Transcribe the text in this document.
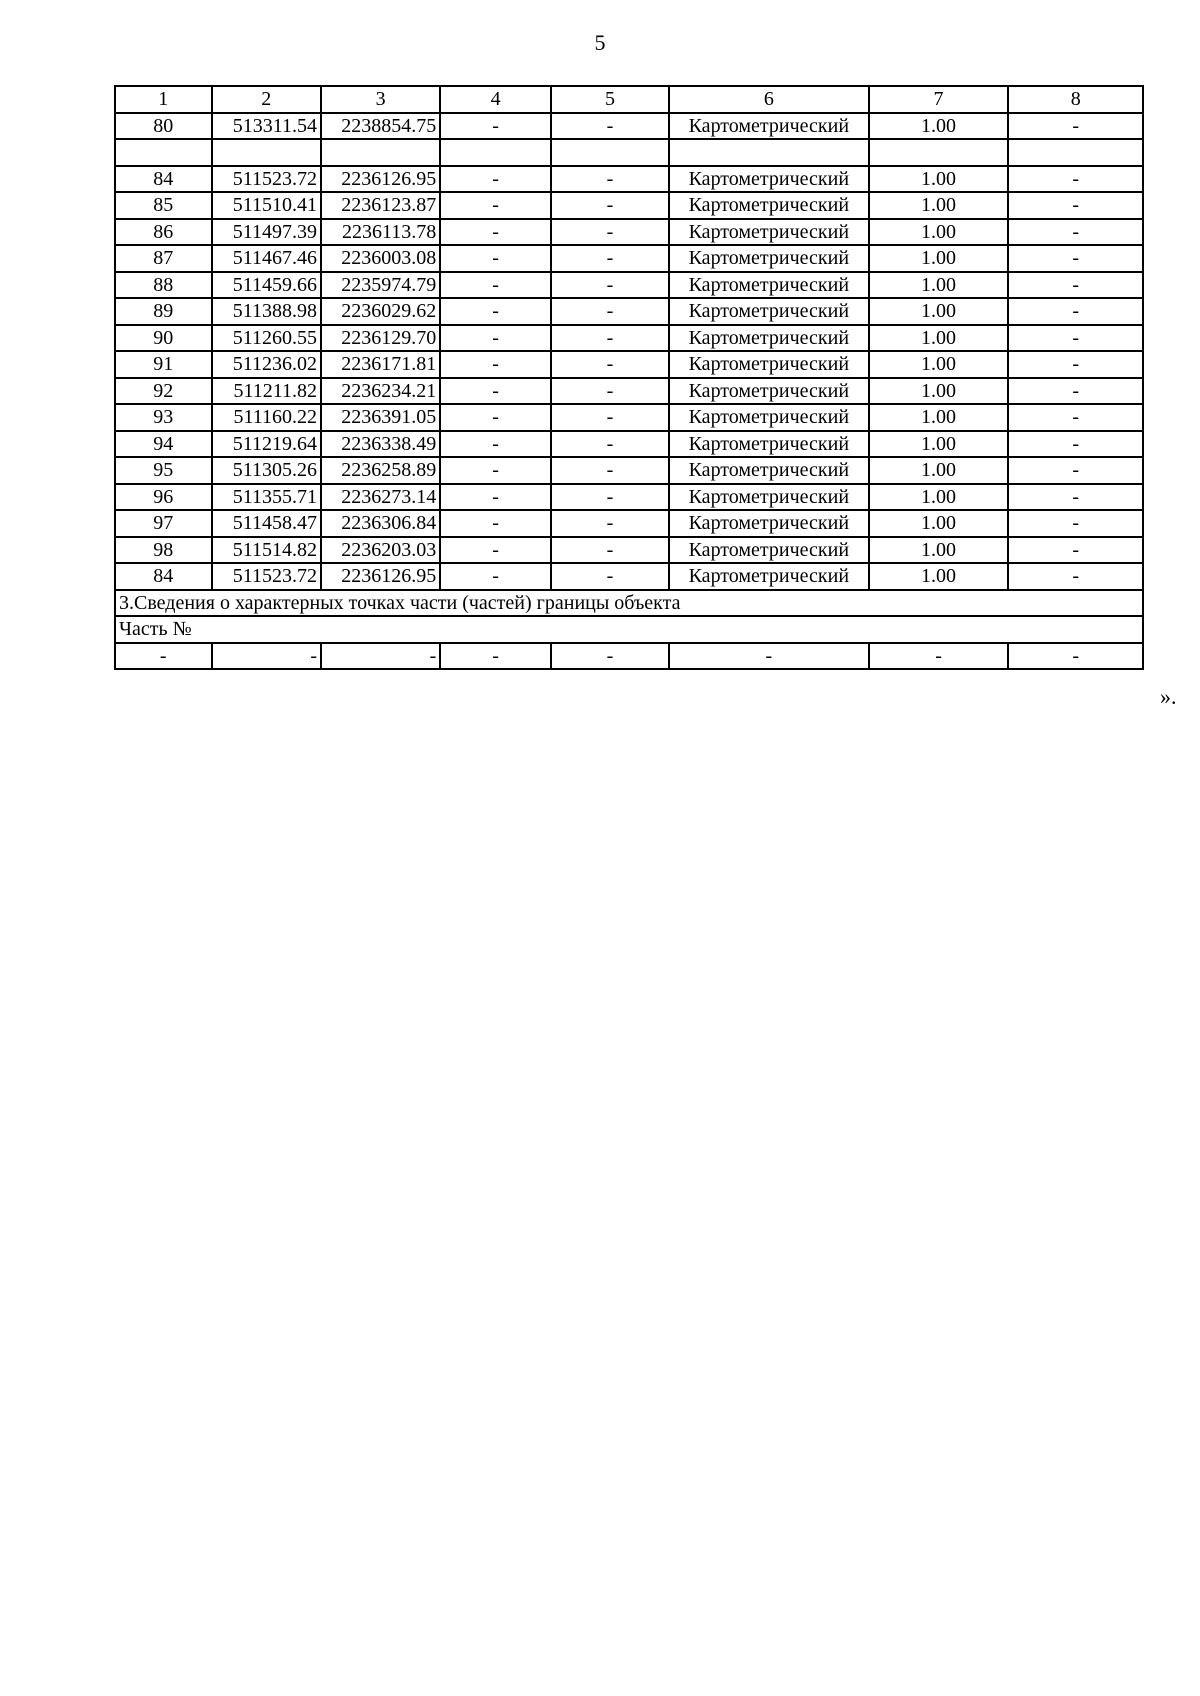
5
1	2	3	4	5	6	7	8
80	513311.54	2238854.75	-	-	Картометрический	1.00	-

84	511523.72	2236126.95	-	-	Картометрический	1.00	-
85	511510.41	2236123.87	-	-	Картометрический	1.00	-
86	511497.39	2236113.78	-	-	Картометрический	1.00	-
87	511467.46	2236003.08	-	-	Картометрический	1.00	-
88	511459.66	2235974.79	-	-	Картометрический	1.00	-
89	511388.98	2236029.62	-	-	Картометрический	1.00	-
90	511260.55	2236129.70	-	-	Картометрический	1.00	-
91	511236.02	2236171.81	-	-	Картометрический	1.00	-
92	511211.82	2236234.21	-	-	Картометрический	1.00	-
93	511160.22	2236391.05	-	-	Картометрический	1.00	-
94	511219.64	2236338.49	-	-	Картометрический	1.00	-
95	511305.26	2236258.89	-	-	Картометрический	1.00	-
96	511355.71	2236273.14	-	-	Картометрический	1.00	-
97	511458.47	2236306.84	-	-	Картометрический	1.00	-
98	511514.82	2236203.03	-	-	Картометрический	1.00	-
84	511523.72	2236126.95	-	-	Картометрический	1.00	-
3.Сведения о характерных точках части (частей) границы объекта							
Часть №							
-	-	-	-	-	-	-	-
».
